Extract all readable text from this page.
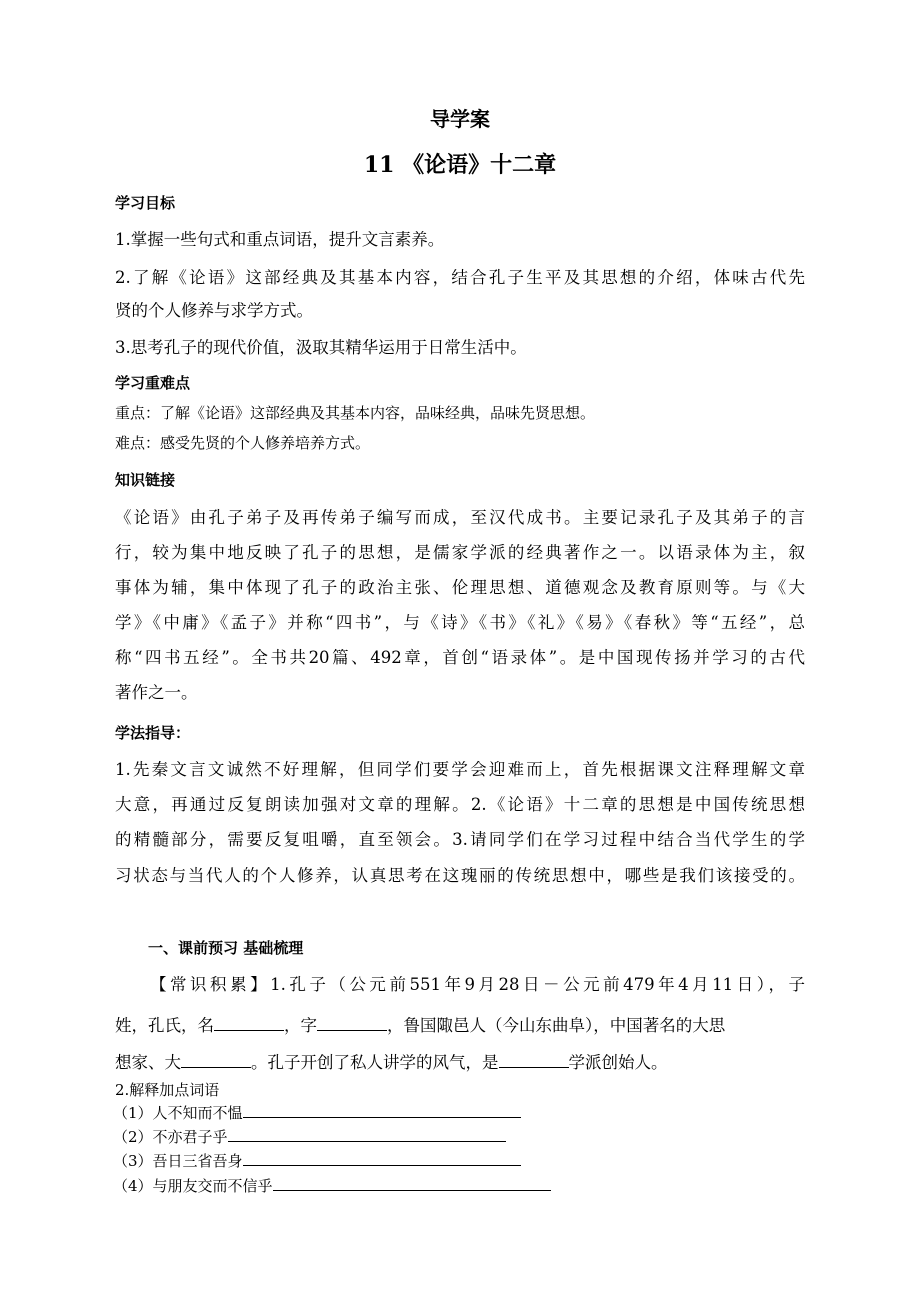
导学案
11 《论语》十二章
学习目标
1.掌握一些句式和重点词语，提升文言素养。
2.了解《论语》这部经典及其基本内容，结合孔子生平及其思想的介绍，体味古代先
贤的个人修养与求学方式。
3.思考孔子的现代价值，汲取其精华运用于日常生活中。
学习重难点
重点：了解《论语》这部经典及其基本内容，品味经典，品味先贤思想。
难点：感受先贤的个人修养培养方式。
知识链接
《论语》由孔子弟子及再传弟子编写而成，至汉代成书。主要记录孔子及其弟子的言
行，较为集中地反映了孔子的思想，是儒家学派的经典著作之一。以语录体为主，叙
事体为辅，集中体现了孔子的政治主张、伦理思想、道德观念及教育原则等。与《大
学》《中庸》《孟子》并称“四书”，与《诗》《书》《礼》《易》《春秋》等“五经”，总
称“四书五经”。全书共20篇、492章，首创“语录体”。是中国现传扬并学习的古代
著作之一。
学法指导：
1.先秦文言文诚然不好理解，但同学们要学会迎难而上，首先根据课文注释理解文章
大意，再通过反复朗读加强对文章的理解。2.《论语》十二章的思想是中国传统思想
的精髓部分，需要反复咀嚼，直至领会。3.请同学们在学习过程中结合当代学生的学
习状态与当代人的个人修养，认真思考在这瑰丽的传统思想中，哪些是我们该接受的。
一、课前预习 基础梳理
【常识积累】1.孔子（公元前551年9月28日－公元前479年4月11日），子
姓，孔氏，名	，字	，鲁国陬邑人（今山东曲阜），中国著名的大思
想家、大	。孔子开创了私人讲学的风气，是	学派创始人。
2.解释加点词语
（1）人不知而不愠
（2）不亦君子乎
（3）吾日三省吾身
（4）与朋友交而不信乎
